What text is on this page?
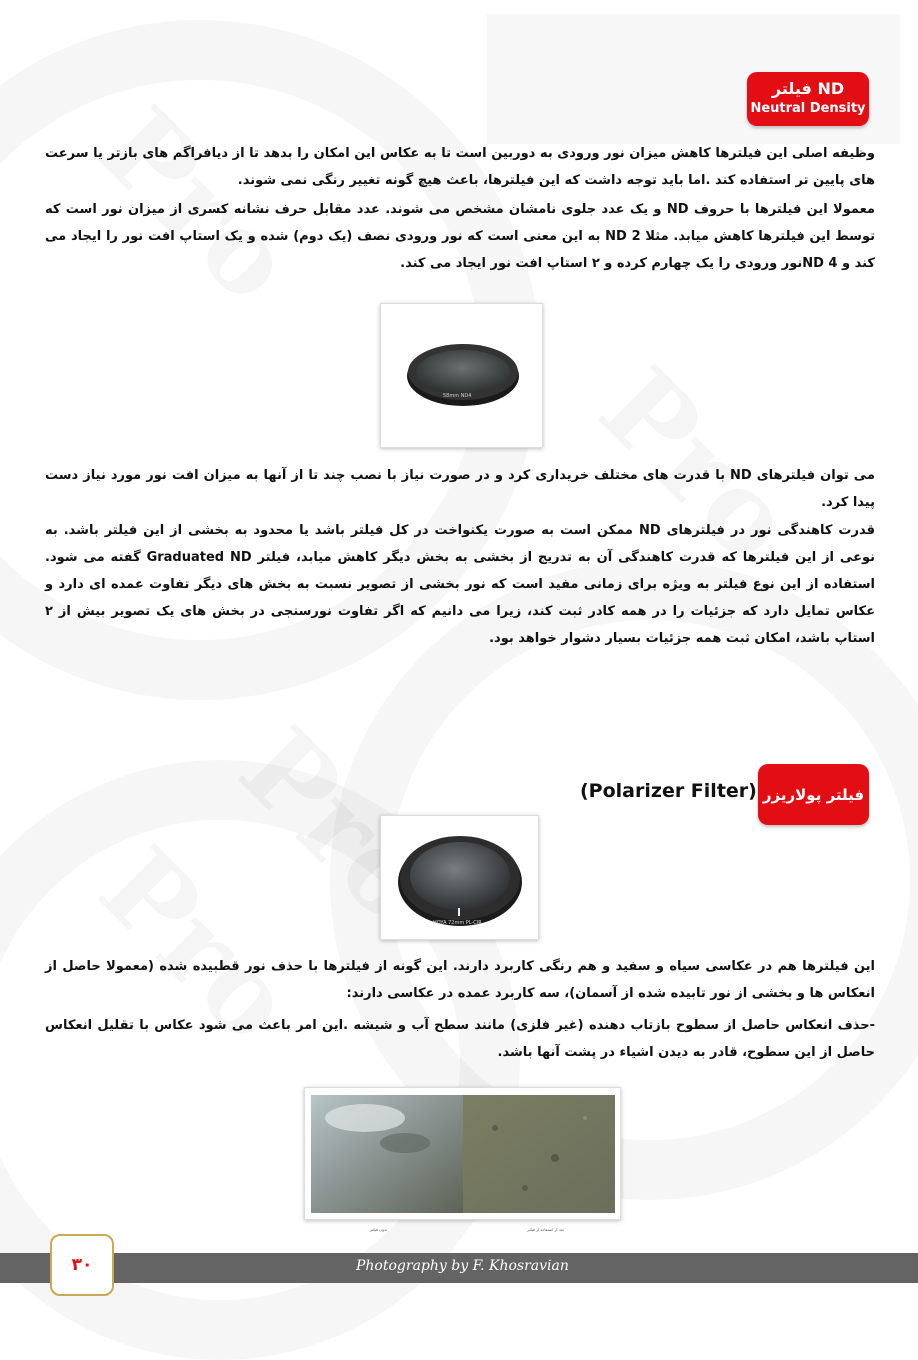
فیلتر ND
Neutral Density

وظیفه اصلی این فیلترها کاهش میزان نور ورودی به دوربین است تا به عکاس این امکان را بدهد تا از دیافراگم های بازتر یا سرعت های پایین تر استفاده کند .اما باید توجه داشت که این فیلترها، باعث هیچ گونه تغییر رنگی نمی شوند.

معمولا این فیلترها با حروف ND و یک عدد جلوی نامشان مشخص می شوند. عدد مقابل حرف نشانه کسری از میزان نور است که توسط این فیلترها کاهش میابد. مثلا ND 2 به این معنی است که نور ورودی نصف (یک دوم) شده و یک استاپ افت نور را ایجاد می کند و ND 4نور ورودی را یک چهارم کرده و ۲ استاپ افت نور ایجاد می کند.

58mm ND4

می توان فیلترهای ND با قدرت های مختلف خریداری کرد و در صورت نیاز با نصب چند تا از آنها به میزان افت نور مورد نیاز دست پیدا کرد.

قدرت کاهندگی نور در فیلترهای ND ممکن است به صورت یکنواخت در کل فیلتر باشد یا محدود به بخشی از این فیلتر باشد. به نوعی از این فیلترها که قدرت کاهندگی آن به تدریج از بخشی به بخش دیگر کاهش میابد، فیلتر Graduated ND گفته می شود. استفاده از این نوع فیلتر به ویژه برای زمانی مفید است که نور بخشی از تصویر نسبت به بخش های دیگر تفاوت عمده ای دارد و عکاس تمایل دارد که جزئیات را در همه کادر ثبت کند، زیرا می دانیم که اگر تفاوت نورسنجی در بخش های یک تصویر بیش از ۲ استاپ باشد، امکان ثبت همه جزئیات بسیار دشوار خواهد بود.

فیلتر پولاریزر
(Polarizer Filter)
HOYA 72mm PL-CIR

این فیلترها هم در عکاسی سیاه و سفید و هم رنگی کاربرد دارند. این گونه از فیلترها با حذف نور قطبیده شده (معمولا حاصل از انعکاس ها و بخشی از نور تابیده شده از آسمان)، سه کاربرد عمده در عکاسی دارند:

-حذف انعکاس حاصل از سطوح بازتاب دهنده (غیر فلزی) مانند سطح آب و شیشه .این امر باعث می شود عکاس با تقلیل انعکاس حاصل از این سطوح، قادر به دیدن اشیاء در پشت آنها باشد.

بدون فیلتر	بعد از استفاده از فیلتر
Photography by F. Khosravian
۳۰
